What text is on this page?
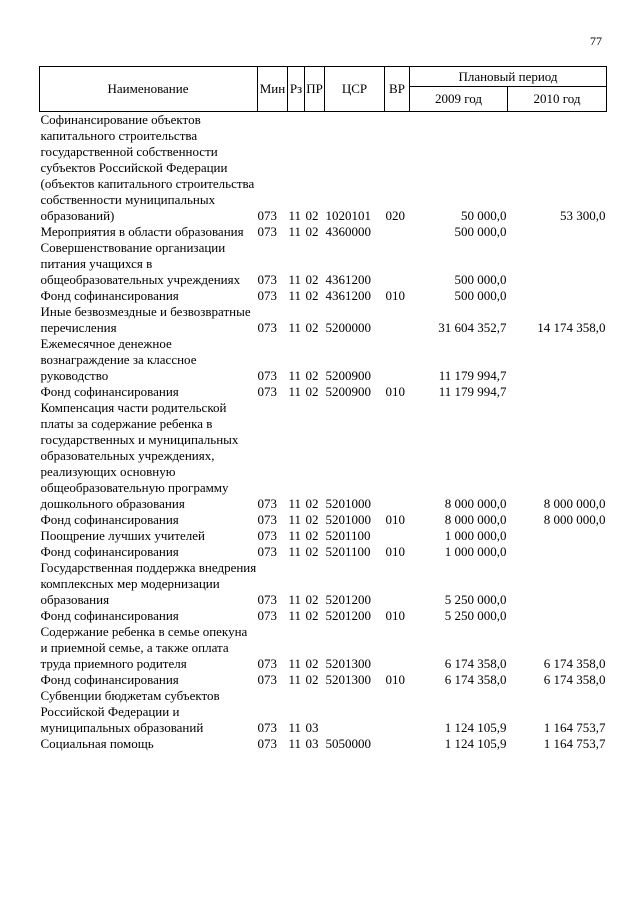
77
Наименование	Мин	Рз	ПР	ЦСР	ВР	Плановый период	
						2009 год	2010 год
Софинансирование объектов капитального строительства государственной собственности субъектов Российской Федерации (объектов капитального строительства собственности муниципальных образований)	073	11	02	1020101	020	50 000,0	53 300,0
Мероприятия в области образования	073	11	02	4360000		500 000,0	
Совершенствование организации питания учащихся в общеобразовательных учреждениях	073	11	02	4361200		500 000,0	
Фонд софинансирования	073	11	02	4361200	010	500 000,0	
Иные безвозмездные и безвозвратные перечисления	073	11	02	5200000		31 604 352,7	14 174 358,0
Ежемесячное денежное вознаграждение за классное руководство	073	11	02	5200900		11 179 994,7	
Фонд софинансирования	073	11	02	5200900	010	11 179 994,7	
Компенсация части родительской платы за содержание ребенка в государственных и муниципальных образовательных учреждениях, реализующих основную общеобразовательную программу дошкольного образования	073	11	02	5201000		8 000 000,0	8 000 000,0
Фонд софинансирования	073	11	02	5201000	010	8 000 000,0	8 000 000,0
Поощрение лучших учителей	073	11	02	5201100		1 000 000,0	
Фонд софинансирования	073	11	02	5201100	010	1 000 000,0	
Государственная поддержка внедрения комплексных мер модернизации образования	073	11	02	5201200		5 250 000,0	
Фонд софинансирования	073	11	02	5201200	010	5 250 000,0	
Содержание ребенка в семье опекуна и приемной семье, а также оплата труда приемного родителя	073	11	02	5201300		6 174 358,0	6 174 358,0
Фонд софинансирования	073	11	02	5201300	010	6 174 358,0	6 174 358,0
Субвенции бюджетам субъектов Российской Федерации и муниципальных образований	073	11	03			1 124 105,9	1 164 753,7
Социальная помощь	073	11	03	5050000		1 124 105,9	1 164 753,7
